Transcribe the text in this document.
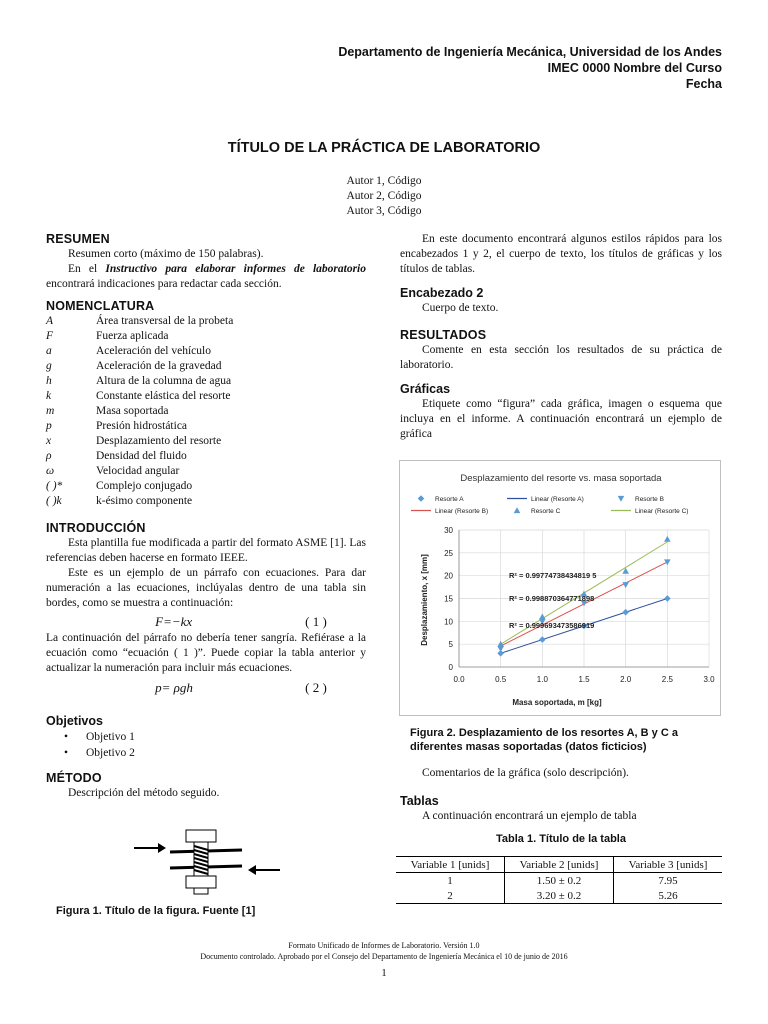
Departamento de Ingeniería Mecánica, Universidad de los Andes
IMEC 0000 Nombre del Curso
Fecha
TÍTULO DE LA PRÁCTICA DE LABORATORIO
Autor 1, Código
Autor 2, Código
Autor 3, Código
RESUMEN

Resumen corto (máximo de 150 palabras).

En el Instructivo para elaborar informes de laboratorio encontrará indicaciones para redactar cada sección.

NOMENCLATURA
A	Área transversal de la probeta
F	Fuerza aplicada
a	Aceleración del vehículo
g	Aceleración de la gravedad
h	Altura de la columna de agua
k	Constante elástica del resorte
m	Masa soportada
p	Presión hidrostática
x	Desplazamiento del resorte
ρ	Densidad del fluido
ω	Velocidad angular
( )*	Complejo conjugado
( )k	k-ésimo componente
INTRODUCCIÓN

Esta plantilla fue modificada a partir del formato ASME [1]. Las referencias deben hacerse en formato IEEE.

Este es un ejemplo de un párrafo con ecuaciones. Para dar numeración a las ecuaciones, inclúyalas dentro de una tabla sin bordes, como se muestra a continuación:

F=−kx	( 1 )

La continuación del párrafo no debería tener sangría. Refiérase a la ecuación como “ecuación ( 1 )”. Puede copiar la tabla anterior y actualizar la numeración para incluir más ecuaciones.

p= ρgh	( 2 )
Objetivos
•	Objetivo 1
•	Objetivo 2
MÉTODO

Descripción del método seguido.

Figura 1. Título de la figura. Fuente [1]

En este documento encontrará algunos estilos rápidos para los encabezados 1 y 2, el cuerpo de texto, los títulos de gráficas y los títulos de tablas.

Encabezado 2

Cuerpo de texto.

RESULTADOS

Comente en esta sección los resultados de su práctica de laboratorio.

Gráficas

Etiquete como “figura” cada gráfica, imagen o esquema que incluya en el informe. A continuación encontrará un ejemplo de gráfica

Desplazamiento del resorte vs. masa soportada
Resorte A	Linear (Resorte A)	Resorte B
Linear (Resorte B)	Resorte C	Linear (Resorte C)
0
5
10
15
20
25
30
0.0	0.5	1.0	1.5	2.0	2.5	3.0
R² = 0.99774738434819 5
R² = 0.998870364771898
R² = 0.999693473586919
Masa soportada, m [kg]
Desplazamiento, x [mm]
Figura 2. Desplazamiento de los resortes A, B y C a diferentes masas soportadas (datos ficticios)

Comentarios de la gráfica (solo descripción).

Tablas

A continuación encontrará un ejemplo de tabla

Tabla 1. Título de la tabla
Variable 1 [unids]	Variable 2 [unids]	Variable 3 [unids]
1	1.50 ± 0.2	7.95
2	3.20 ± 0.2	5.26
Formato Unificado de Informes de Laboratorio. Versión 1.0
Documento controlado. Aprobado por el Consejo del Departamento de Ingeniería Mecánica el 10 de junio de 2016
1
